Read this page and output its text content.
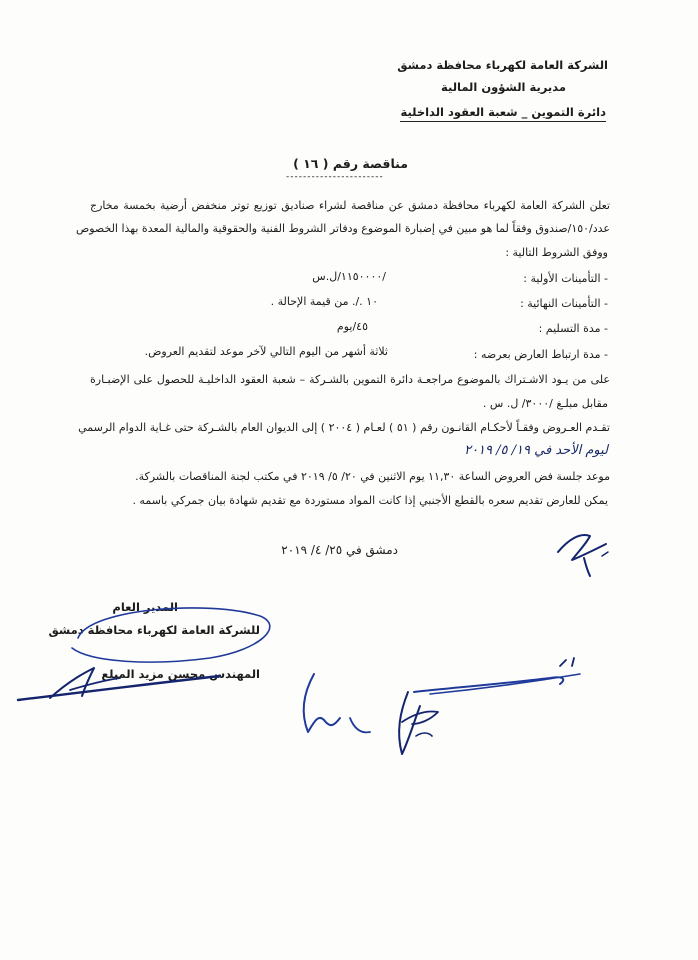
الشركة العامة لكهرباء محافظة دمشق
مديرية الشؤون المالية
دائرة التموين _ شعبة العقود الداخلية
مناقصة رقم ( ١٦ )
-----------------------
تعلن الشركة العامة لكهرباء محافظة دمشق عن مناقصة لشراء صناديق توزيع توتر منخفض أرضية بخمسة مخارج
عدد/١٥٠/صندوق وفقاً لما هو مبين في إضبارة الموضوع ودفاتر الشروط الفنية والحقوقية والمالية المعدة بهذا الخصوص
ووفق الشروط التالية :
- التأمينات الأولية :
/١١٥٠٠٠٠/ل.س
- التأمينات النهائية :
١٠ ./. من قيمة الإحالة .
- مدة التسليم :
٤٥/يوم
- مدة ارتباط العارض بعرضه :
ثلاثة أشهر من اليوم التالي لآخر موعد لتقديم العروض.
على من يـود الاشـتراك بالموضوع مراجعـة دائرة التموين بالشـركة – شعبة العقود الداخليـة للحصول على الإضبـارة
مقابل مبلـغ /٣٠٠٠/ ل. س .
تقـدم العـروض وفقـاً لأحكـام القانـون رقم ( ٥١ ) لعـام ( ٢٠٠٤ ) إلى الديوان العام بالشـركة حتى غـاية الدوام الرسمي
ليوم الأحد في ١٩/ ٥/ ٢٠١٩
موعد جلسة فض العروض الساعة ١١,٣٠ يوم الاثنين في ٢٠/ ٥/ ٢٠١٩ في مكتب لجنة المناقصات بالشركة.
يمكن للعارض تقديم سعره بالقطع الأجنبي إذا كانت المواد مستوردة مع تقديم شهادة بيان جمركي باسمه .
دمشق في ٢٥/ ٤/ ٢٠١٩
المدير العام
للشركة العامة لكهرباء محافظة دمشق
المهندس محسن مزيد المبلع
